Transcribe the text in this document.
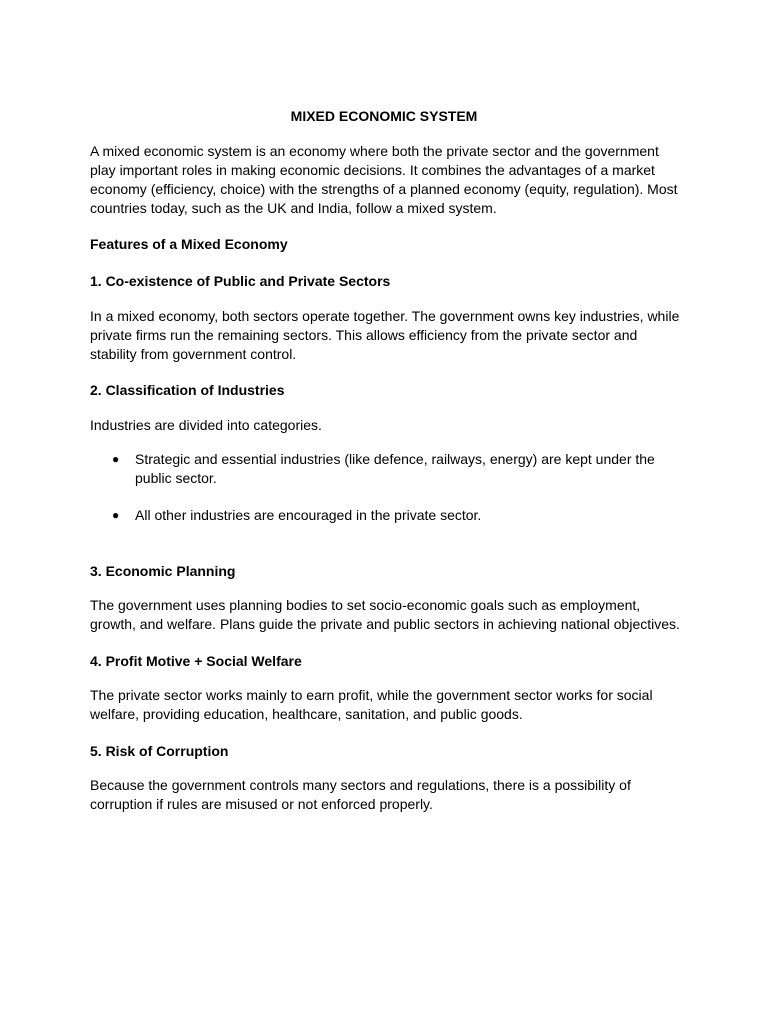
MIXED ECONOMIC SYSTEM

A mixed economic system is an economy where both the private sector and the government play important roles in making economic decisions. It combines the advantages of a market economy (efficiency, choice) with the strengths of a planned economy (equity, regulation). Most countries today, such as the UK and India, follow a mixed system.

Features of a Mixed Economy

1. Co-existence of Public and Private Sectors

In a mixed economy, both sectors operate together. The government owns key industries, while private firms run the remaining sectors. This allows efficiency from the private sector and stability from government control.

2. Classification of Industries

Industries are divided into categories.

● Strategic and essential industries (like defence, railways, energy) are kept under the public sector.
● All other industries are encouraged in the private sector.

3. Economic Planning

The government uses planning bodies to set socio-economic goals such as employment, growth, and welfare. Plans guide the private and public sectors in achieving national objectives.

4. Profit Motive + Social Welfare

The private sector works mainly to earn profit, while the government sector works for social welfare, providing education, healthcare, sanitation, and public goods.

5. Risk of Corruption

Because the government controls many sectors and regulations, there is a possibility of corruption if rules are misused or not enforced properly.
